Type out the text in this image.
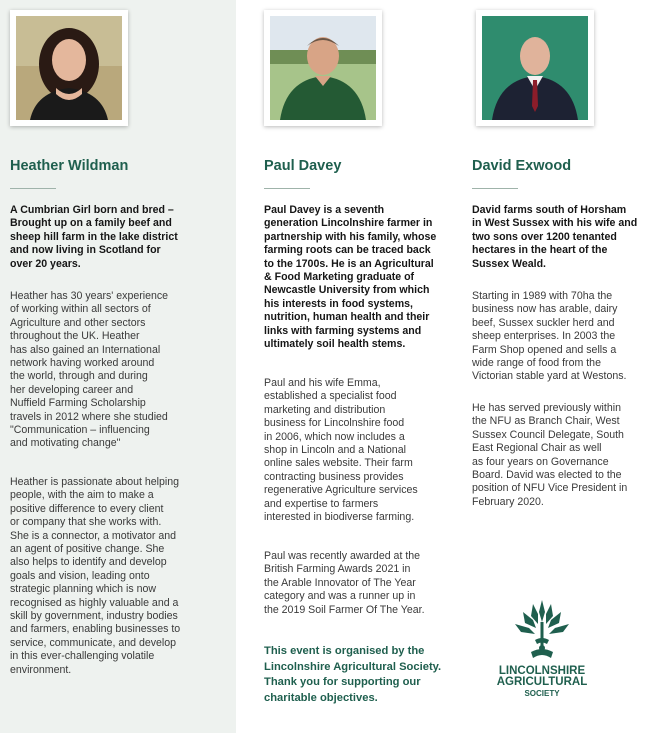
Heather Wildman
A Cumbrian Girl born and bred –
Brought up on a family beef and
sheep hill farm in the lake district
and now living in Scotland for
over 20 years.
Heather has 30 years' experience
of working within all sectors of
Agriculture and other sectors
throughout the UK. Heather
has also gained an International
network having worked around
the world, through and during
her developing career and
Nuffield Farming Scholarship
travels in 2012 where she studied
"Communication – influencing
and motivating change"
Heather is passionate about helping
people, with the aim to make a
positive difference to every client
or company that she works with.
She is a connector, a motivator and
an agent of positive change. She
also helps to identify and develop
goals and vision, leading onto
strategic planning which is now
recognised as highly valuable and a
skill by government, industry bodies
and farmers, enabling businesses to
service, communicate, and develop
in this ever-challenging volatile
environment.
Paul Davey
Paul Davey is a seventh
generation Lincolnshire farmer in
partnership with his family, whose
farming roots can be traced back
to the 1700s. He is an Agricultural
& Food Marketing graduate of
Newcastle University from which
his interests in food systems,
nutrition, human health and their
links with farming systems and
ultimately soil health stems.
Paul and his wife Emma,
established a specialist food
marketing and distribution
business for Lincolnshire food
in 2006, which now includes a
shop in Lincoln and a National
online sales website. Their farm
contracting business provides
regenerative Agriculture services
and expertise to farmers
interested in biodiverse farming.
Paul was recently awarded at the
British Farming Awards 2021 in
the Arable Innovator of The Year
category and was a runner up in
the 2019 Soil Farmer Of The Year.
This event is organised by the
Lincolnshire Agricultural Society.
Thank you for supporting our
charitable objectives.
David Exwood
David farms south of Horsham
in West Sussex with his wife and
two sons over 1200 tenanted
hectares in the heart of the
Sussex Weald.
Starting in 1989 with 70ha the
business now has arable, dairy
beef, Sussex suckler herd and
sheep enterprises. In 2003 the
Farm Shop opened and sells a
wide range of food from the
Victorian stable yard at Westons.
He has served previously within
the NFU as Branch Chair, West
Sussex Council Delegate, South
East Regional Chair as well
as four years on Governance
Board. David was elected to the
position of NFU Vice President in
February 2020.
LINCOLNSHIRE
AGRICULTURAL
SOCIETY
